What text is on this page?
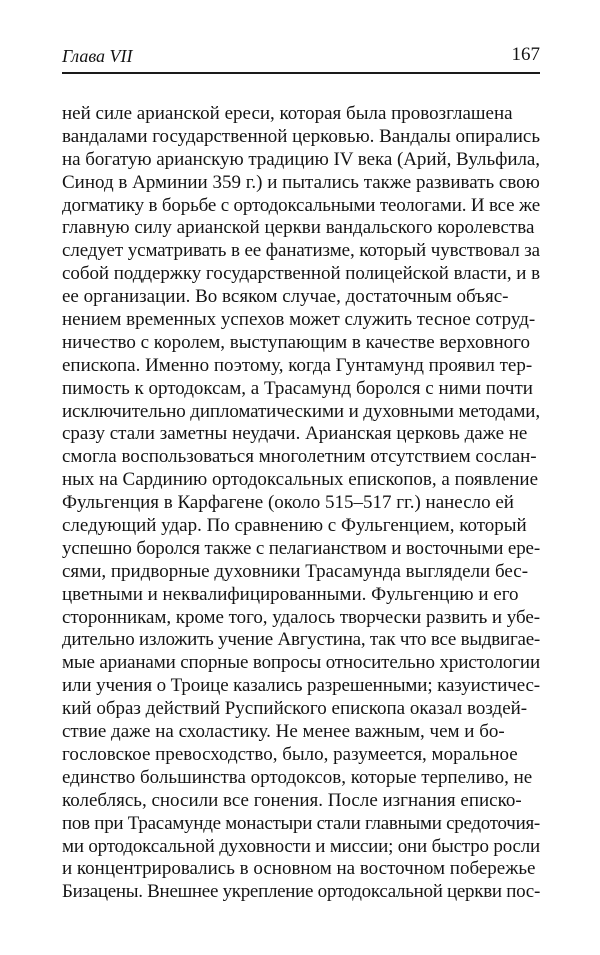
Глава VII	167
ней силе арианской ереси, которая была провозглашена
вандалами государственной церковью. Вандалы опирались
на богатую арианскую традицию IV века (Арий, Вульфила,
Синод в Арминии 359 г.) и пытались также развивать свою
догматику в борьбе с ортодоксальными теологами. И все же
главную силу арианской церкви вандальского королевства
следует усматривать в ее фанатизме, который чувствовал за
собой поддержку государственной полицейской власти, и в
ее организации. Во всяком случае, достаточным объяс-
нением временных успехов может служить тесное сотруд-
ничество с королем, выступающим в качестве верховного
епископа. Именно поэтому, когда Гунтамунд проявил тер-
пимость к ортодоксам, а Трасамунд боролся с ними почти
исключительно дипломатическими и духовными методами,
сразу стали заметны неудачи. Арианская церковь даже не
смогла воспользоваться многолетним отсутствием сослан-
ных на Сардинию ортодоксальных епископов, а появление
Фульгенция в Карфагене (около 515–517 гг.) нанесло ей
следующий удар. По сравнению с Фульгенцием, который
успешно боролся также с пелагианством и восточными ере-
сями, придворные духовники Трасамунда выглядели бес-
цветными и неквалифицированными. Фульгенцию и его
сторонникам, кроме того, удалось творчески развить и убе-
дительно изложить учение Августина, так что все выдвигае-
мые арианами спорные вопросы относительно христологии
или учения о Троице казались разрешенными; казуистичес-
кий образ действий Руспийского епископа оказал воздей-
ствие даже на схоластику. Не менее важным, чем и бо-
гословское превосходство, было, разумеется, моральное
единство большинства ортодоксов, которые терпеливо, не
колеблясь, сносили все гонения. После изгнания еписко-
пов при Трасамунде монастыри стали главными средоточия-
ми ортодоксальной духовности и миссии; они быстро росли
и концентрировались в основном на восточном побережье
Бизацены. Внешнее укрепление ортодоксальной церкви пос-
